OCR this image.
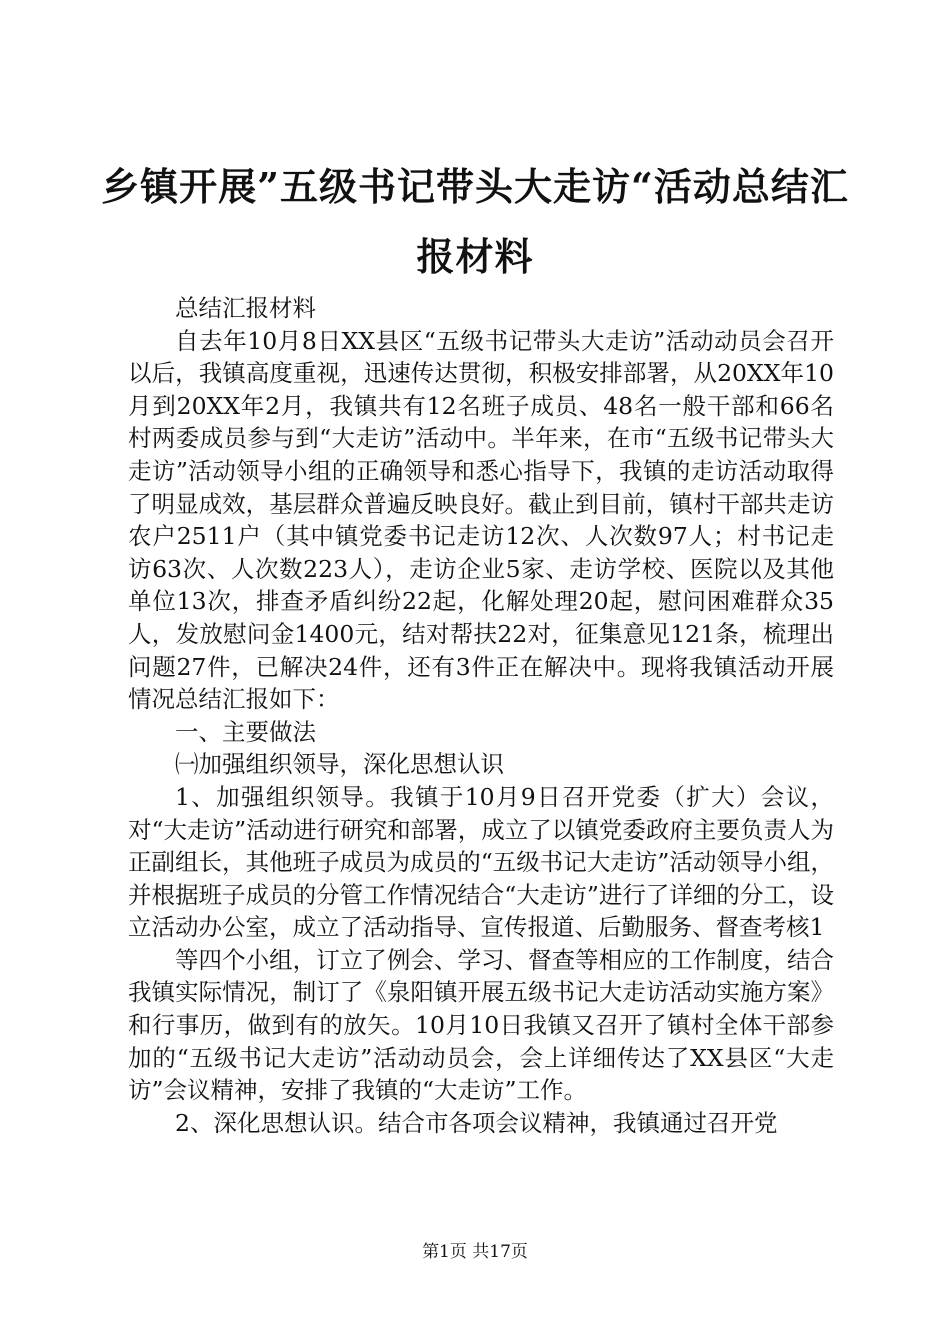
乡镇开展”五级书记带头大走访“活动总结汇报材料

总结汇报材料

自去年10月8日XX县区“五级书记带头大走访”活动动员会召开以后，我镇高度重视，迅速传达贯彻，积极安排部署，从20XX年10月到20XX年2月，我镇共有12名班子成员、48名一般干部和66名村两委成员参与到“大走访”活动中。半年来，在市“五级书记带头大走访”活动领导小组的正确领导和悉心指导下，我镇的走访活动取得了明显成效，基层群众普遍反映良好。截止到目前，镇村干部共走访农户2511户（其中镇党委书记走访12次、人次数97人；村书记走访63次、人次数223人），走访企业5家、走访学校、医院以及其他单位13次，排查矛盾纠纷22起，化解处理20起，慰问困难群众35人，发放慰问金1400元，结对帮扶22对，征集意见121条，梳理出问题27件，已解决24件，还有3件正在解决中。现将我镇活动开展情况总结汇报如下：

一、主要做法

㈠加强组织领导，深化思想认识

1、加强组织领导。我镇于10月9日召开党委（扩大）会议，对“大走访”活动进行研究和部署，成立了以镇党委政府主要负责人为正副组长，其他班子成员为成员的“五级书记大走访”活动领导小组，并根据班子成员的分管工作情况结合“大走访”进行了详细的分工，设立活动办公室，成立了活动指导、宣传报道、后勤服务、督查考核1

等四个小组，订立了例会、学习、督查等相应的工作制度，结合我镇实际情况，制订了《泉阳镇开展五级书记大走访活动实施方案》和行事历，做到有的放矢。10月10日我镇又召开了镇村全体干部参加的“五级书记大走访”活动动员会，会上详细传达了XX县区“大走访”会议精神，安排了我镇的“大走访”工作。

2、深化思想认识。结合市各项会议精神，我镇通过召开党

第1页 共17页
